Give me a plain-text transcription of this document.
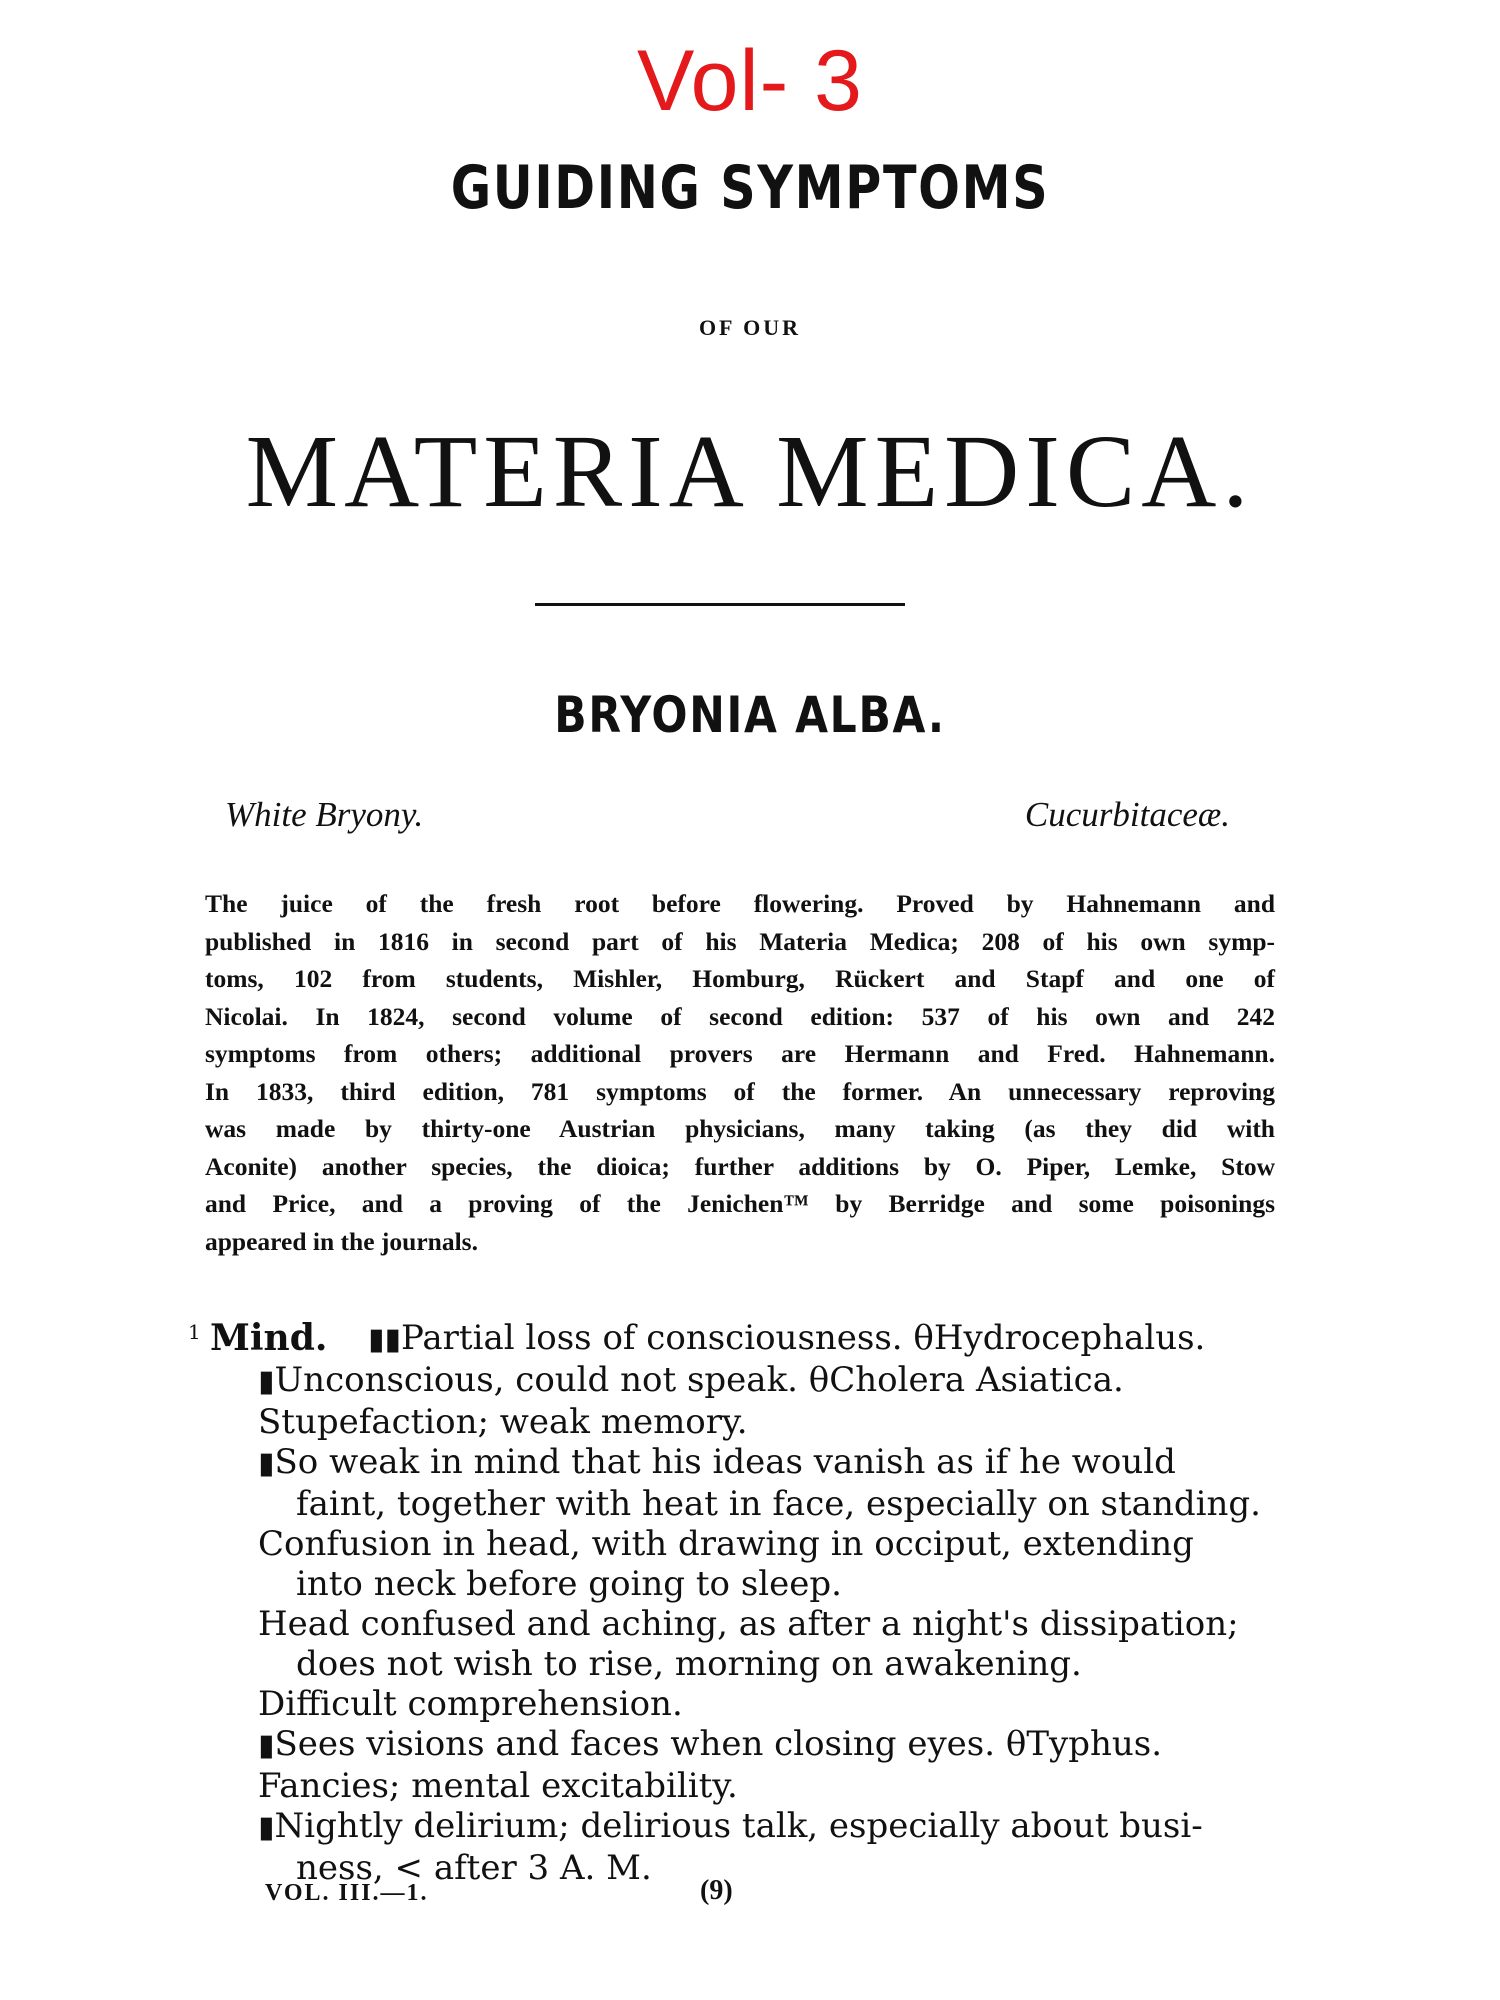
Vol- 3
GUIDING SYMPTOMS
OF OUR
MATERIA MEDICA.
BRYONIA ALBA.
White Bryony.	Cucurbitaceæ.
The juice of the fresh root before flowering. Proved by Hahnemann and
published in 1816 in second part of his Materia Medica; 208 of his own symp-
toms, 102 from students, Mishler, Homburg, Rückert and Stapf and one of
Nicolai. In 1824, second volume of second edition: 537 of his own and 242
symptoms from others; additional provers are Hermann and Fred. Hahnemann.
In 1833, third edition, 781 symptoms of the former. An unnecessary reproving
was made by thirty-one Austrian physicians, many taking (as they did with
Aconite) another species, the dioica; further additions by O. Piper, Lemke, Stow
and Price, and a proving of the Jenichen™ by Berridge and some poisonings
appeared in the journals.
1 Mind.	▮▮Partial loss of consciousness. θHydrocephalus.
▮Unconscious, could not speak. θCholera Asiatica.
Stupefaction; weak memory.
▮So weak in mind that his ideas vanish as if he would
faint, together with heat in face, especially on standing.
Confusion in head, with drawing in occiput, extending
into neck before going to sleep.
Head confused and aching, as after a night's dissipation;
does not wish to rise, morning on awakening.
Difficult comprehension.
▮Sees visions and faces when closing eyes. θTyphus.
Fancies; mental excitability.
▮Nightly delirium; delirious talk, especially about busi-
ness, < after 3 A. M.
VOL. III.—1.	(9)
